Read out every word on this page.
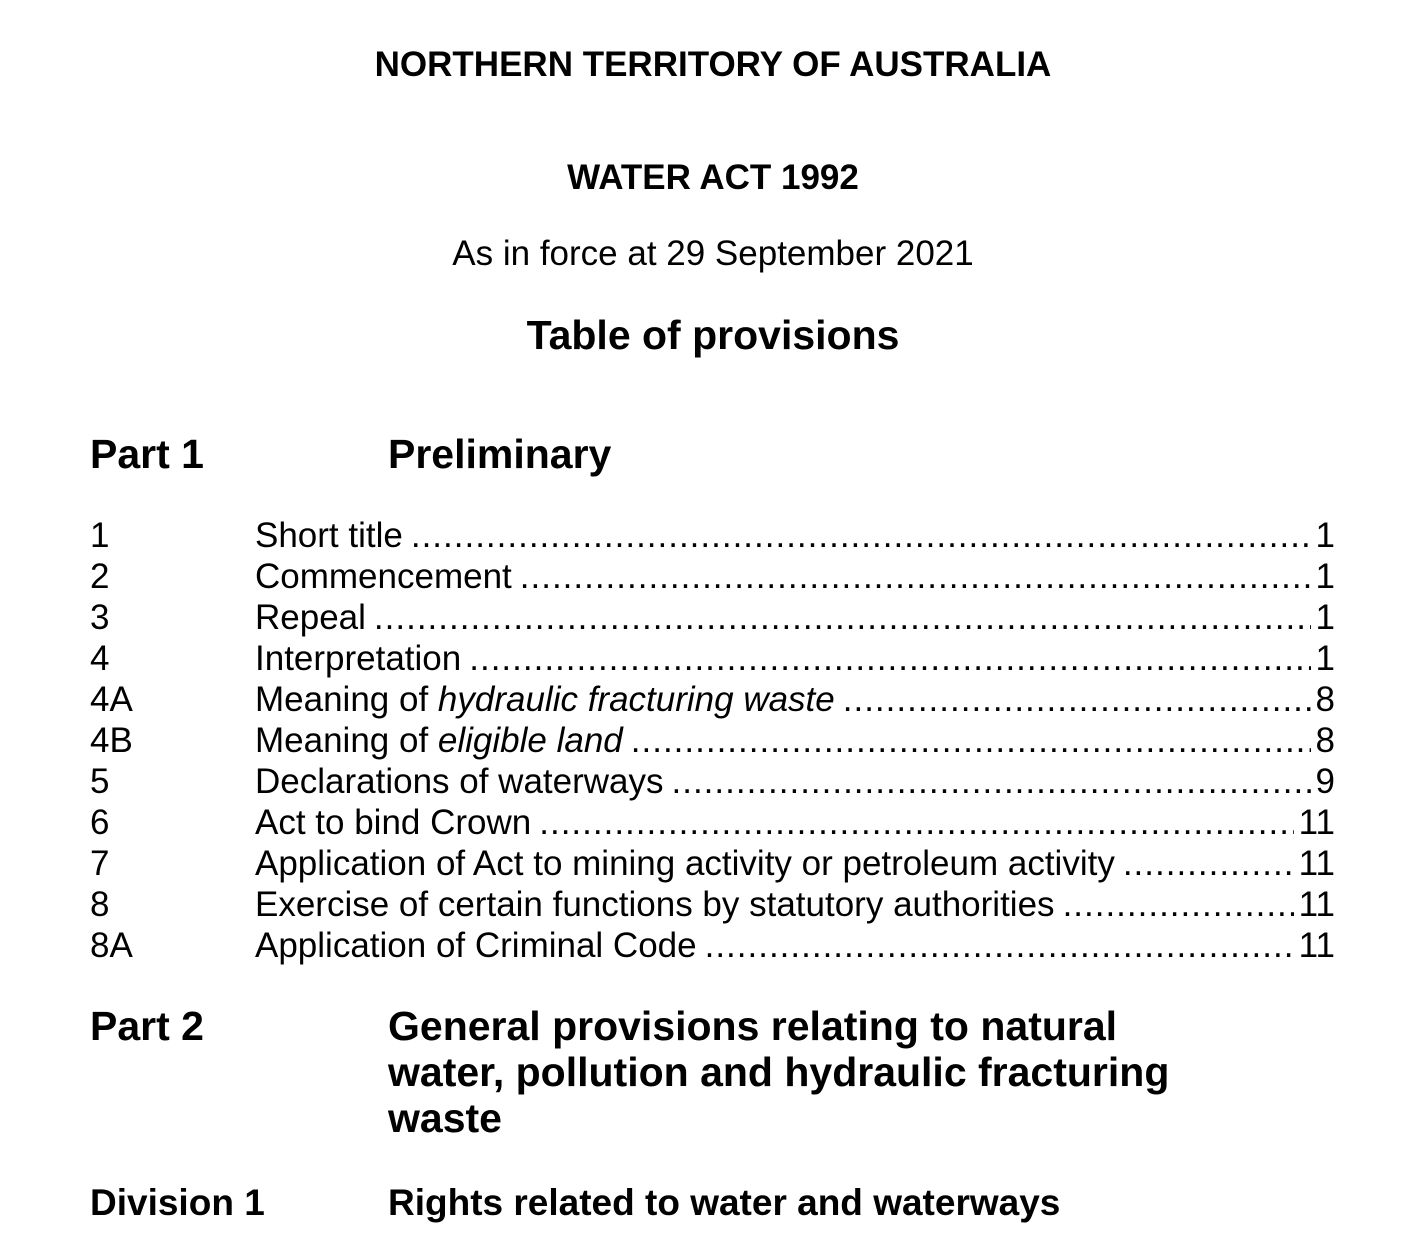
NORTHERN TERRITORY OF AUSTRALIA
WATER ACT 1992
As in force at 29 September 2021
Table of provisions
Part 1	Preliminary
1	Short title .....	1
2	Commencement .....	1
3	Repeal .....	1
4	Interpretation .....	1
4A	Meaning of hydraulic fracturing waste .....	8
4B	Meaning of eligible land .....	8
5	Declarations of waterways .....	9
6	Act to bind Crown .....	11
7	Application of Act to mining activity or petroleum activity .....	11
8	Exercise of certain functions by statutory authorities .....	11
8A	Application of Criminal Code .....	11
Part 2	General provisions relating to natural water, pollution and hydraulic fracturing waste
Division 1	Rights related to water and waterways
